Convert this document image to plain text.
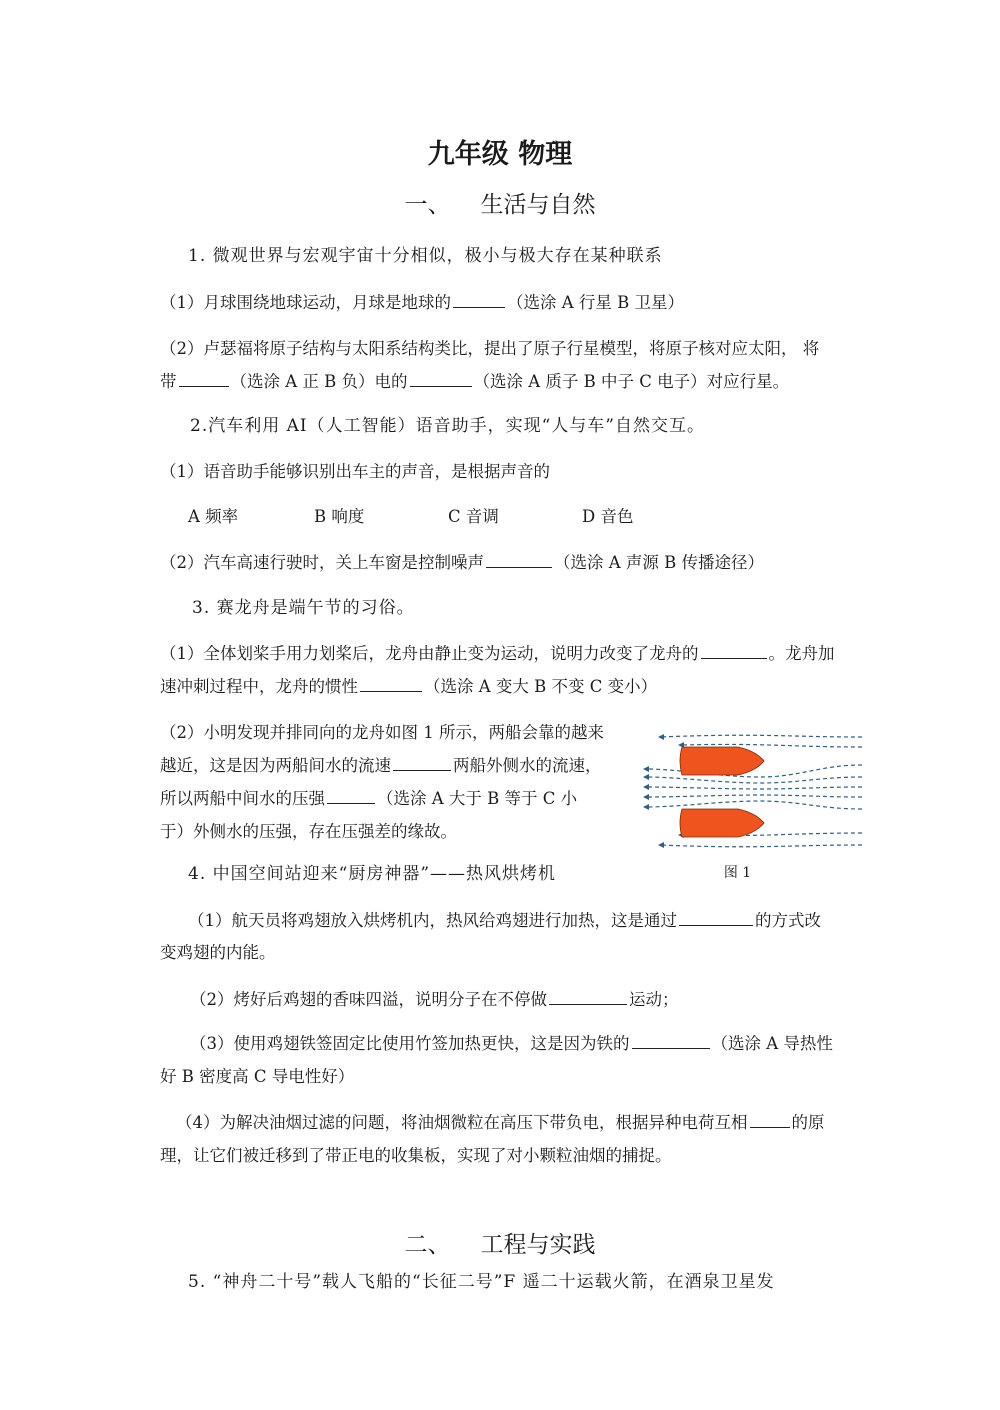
九年级 物理
一、 生活与自然
1. 微观世界与宏观宇宙十分相似，极小与极大存在某种联系
（1）月球围绕地球运动，月球是地球的	（选涂 A 行星 B 卫星）
（2）卢瑟福将原子结构与太阳系结构类比，提出了原子行星模型，将原子核对应太阳， 将
带	（选涂 A 正 B 负）电的	（选涂 A 质子 B 中子 C 电子）对应行星。
2.汽车利用 AI（人工智能）语音助手，实现“人与车”自然交互。
（1）语音助手能够识别出车主的声音，是根据声音的
A 频率	B 响度	C 音调	D 音色
（2）汽车高速行驶时，关上车窗是控制噪声	（选涂 A 声源 B 传播途径）
3. 赛龙舟是端午节的习俗。
（1）全体划桨手用力划桨后，龙舟由静止变为运动，说明力改变了龙舟的	。龙舟加
速冲刺过程中，龙舟的惯性	（选涂 A 变大 B 不变 C 变小）
（2）小明发现并排同向的龙舟如图 1 所示，两船会靠的越来
越近，这是因为两船间水的流速	两船外侧水的流速，
所以两船中间水的压强	（选涂 A 大于 B 等于 C 小
于）外侧水的压强，存在压强差的缘故。
图 1
4. 中国空间站迎来“厨房神器”——热风烘烤机
（1）航天员将鸡翅放入烘烤机内，热风给鸡翅进行加热，这是通过	的方式改
变鸡翅的内能。
（2）烤好后鸡翅的香味四溢，说明分子在不停做	运动；
（3）使用鸡翅铁签固定比使用竹签加热更快，这是因为铁的	（选涂 A 导热性
好 B 密度高 C 导电性好）
（4）为解决油烟过滤的问题，将油烟微粒在高压下带负电，根据异种电荷互相	的原
理，让它们被迁移到了带正电的收集板，实现了对小颗粒油烟的捕捉。
二、 工程与实践
5. “神舟二十号”载人飞船的“长征二号”F 遥二十运载火箭，在酒泉卫星发
